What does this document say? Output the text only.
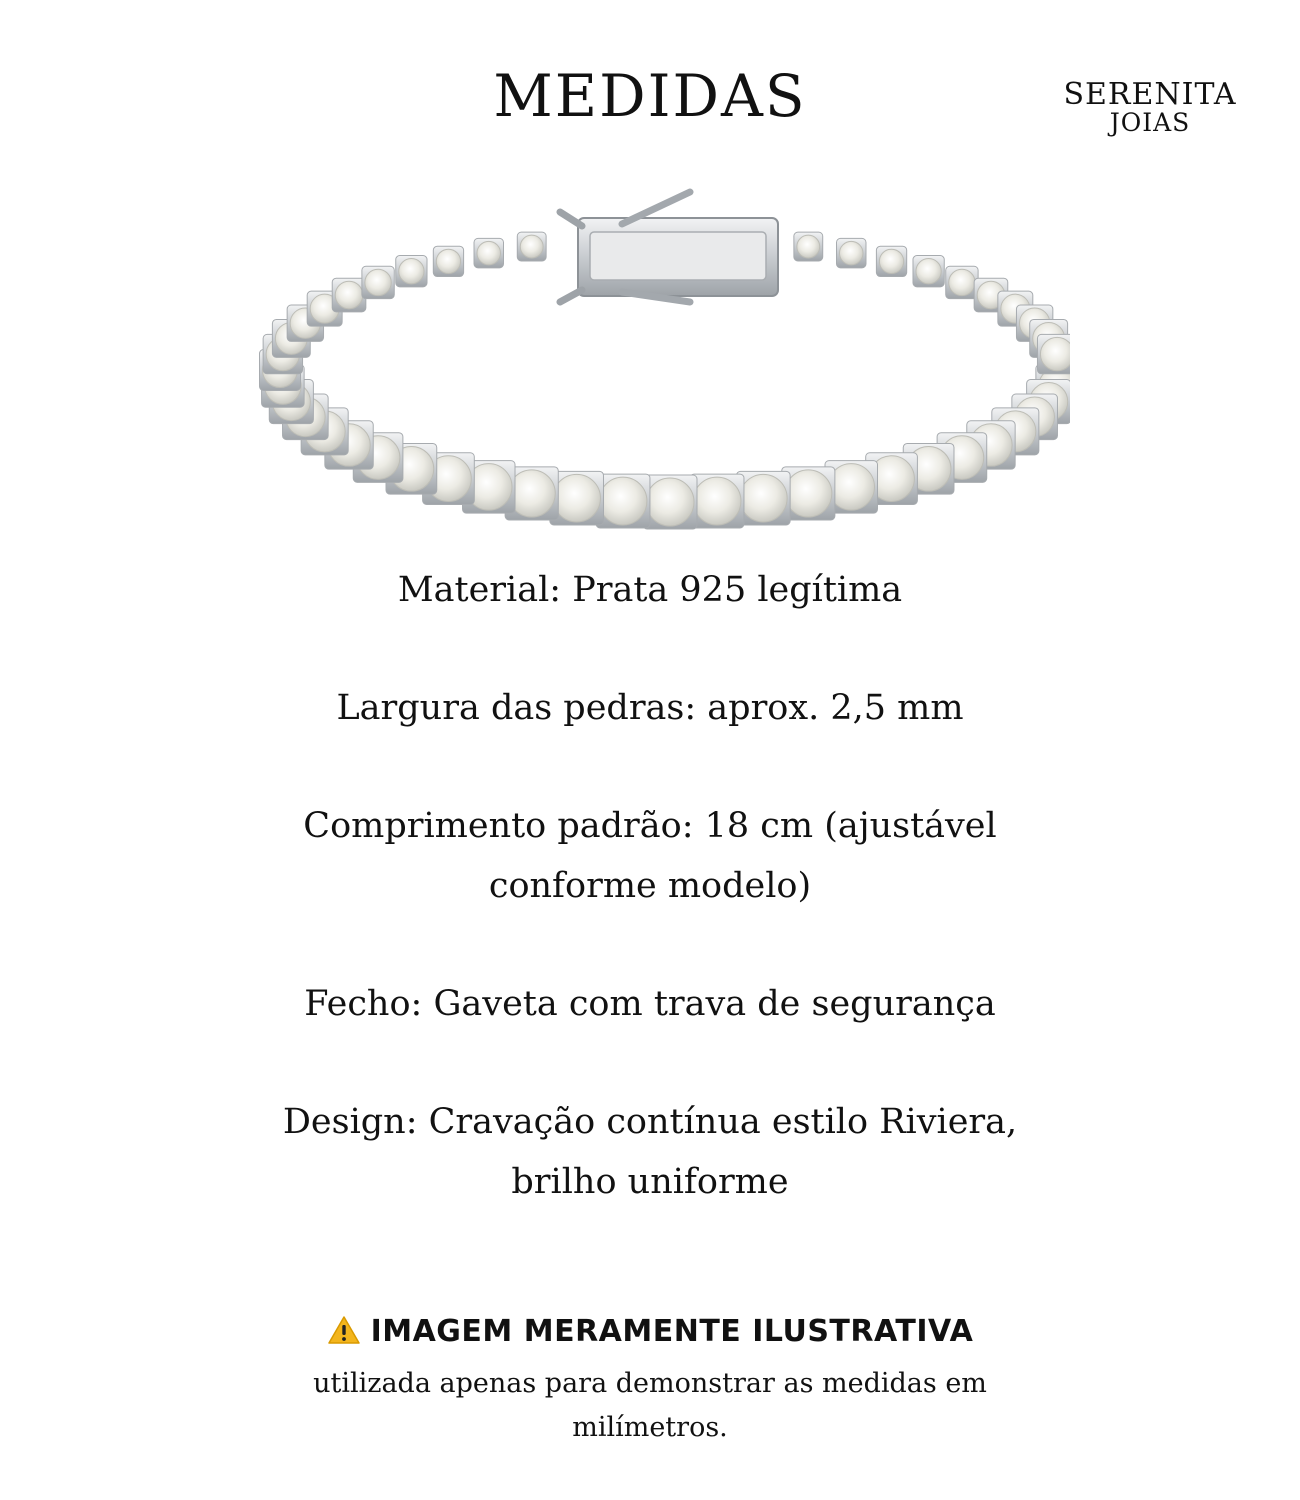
MEDIDAS	SERENITA
JOIAS

Material: Prata 925 legítima

Largura das pedras: aprox. 2,5 mm

Comprimento padrão: 18 cm (ajustável conforme modelo)

Fecho: Gaveta com trava de segurança

Design: Cravação contínua estilo Riviera, brilho uniforme

IMAGEM MERAMENTE ILUSTRATIVA
utilizada apenas para demonstrar as medidas em milímetros.
